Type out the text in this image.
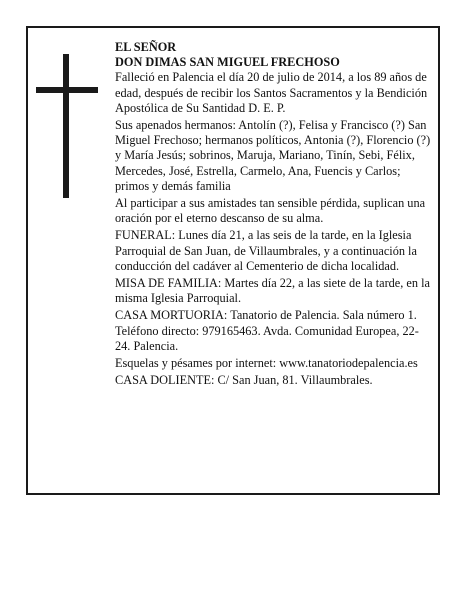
EL SEÑOR
DON DIMAS SAN MIGUEL FRECHOSO

Falleció en Palencia el día 20 de julio de 2014, a los 89 años de edad, después de recibir los Santos Sacramentos y la Bendición Apostólica de Su Santidad D. E. P.

Sus apenados hermanos: Antolín (?), Felisa y Francisco (?) San Miguel Frechoso; hermanos políticos, Antonia (?), Florencio (?) y María Jesús; sobrinos, Maruja, Mariano, Tinín, Sebi, Félix, Mercedes, José, Estrella, Carmelo, Ana, Fuencis y Carlos; primos y demás familia

Al participar a sus amistades tan sensible pérdida, suplican una oración por el eterno descanso de su alma.

FUNERAL: Lunes día 21, a las seis de la tarde, en la Iglesia Parroquial de San Juan, de Villaumbrales, y a continuación la conducción del cadáver al Cementerio de dicha localidad.

MISA DE FAMILIA: Martes día 22, a las siete de la tarde, en la misma Iglesia Parroquial.

CASA MORTUORIA: Tanatorio de Palencia. Sala número 1. Teléfono directo: 979165463. Avda. Comunidad Europea, 22-24. Palencia.

Esquelas y pésames por internet: www.tanatoriodepalencia.es

CASA DOLIENTE: C/ San Juan, 81. Villaumbrales.
